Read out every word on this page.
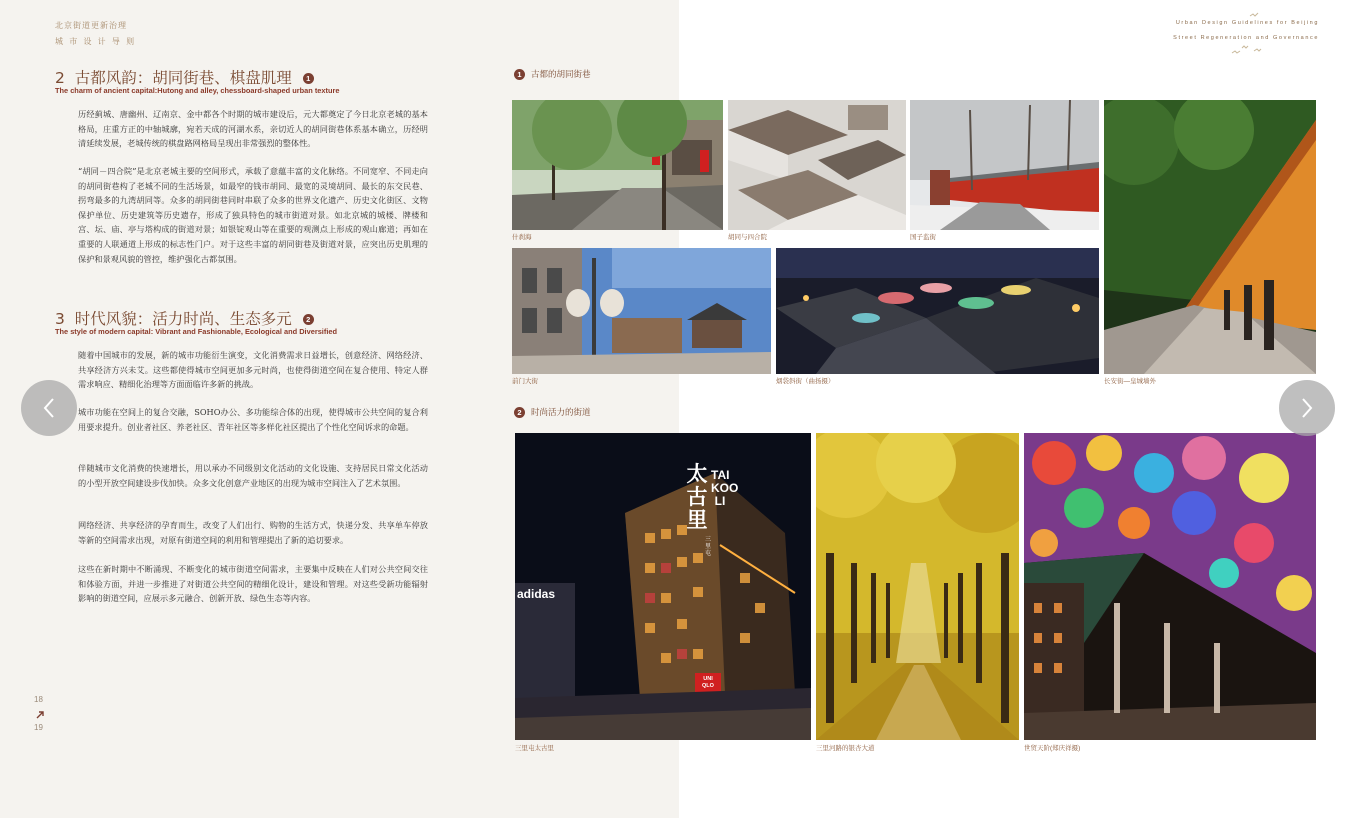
北京街道更新治理
城 市 设 计 导 则
Urban Design Guidelines for Beijing
Street Regeneration and Governance
2 古都风韵：胡同街巷、棋盘肌理 1
The charm of ancient capital:Hutong and alley, chessboard-shaped urban texture

历经蓟城、唐幽州、辽南京、金中都各个时期的城市建设后，元大都奠定了今日北京老城的基本格局，庄重方正的中轴城廓，宛若天成的河湖水系，亲切近人的胡同街巷体系基本确立，历经明清延续发展，老城传统的棋盘路网格局呈现出非常强烈的整体性。

“胡同－四合院”是北京老城主要的空间形式，承载了意蕴丰富的文化脉络。不同宽窄、不同走向的胡同街巷构了老城不同的生活场景，如最窄的钱市胡同、最宽的灵境胡同、最长的东交民巷、拐弯最多的九湾胡同等。众多的胡同街巷同时串联了众多的世界文化遗产、历史文化街区、文物保护单位、历史建筑等历史遗存，形成了独具特色的城市街道对景。如北京城的城楼、牌楼和宫、坛、庙、亭与塔构成的街道对景；如银锭观山等在重要的观测点上形成的观山廊道；再如在重要的人联通道上形成的标志性门户。对于这些丰富的胡同街巷及街道对景，应突出历史肌理的保护和景观风貌的管控，维护强化古都氛围。

3 时代风貌：活力时尚、生态多元 2
The style of modern capital: Vibrant and Fashionable, Ecological and Diversified

随着中国城市的发展，新的城市功能衍生演变，文化消费需求日益增长，创意经济、网络经济、共享经济方兴未艾。这些都使得城市空间更加多元时尚，也使得街道空间在复合使用、特定人群需求响应、精细化治理等方面面临许多新的挑战。

城市功能在空间上的复合交融，SOHO办公、多功能综合体的出现，使得城市公共空间的复合利用要求提升。创业者社区、养老社区、青年社区等多样化社区提出了个性化空间诉求的命题。

伴随城市文化消费的快速增长，用以承办不同级别文化活动的文化设施、支持居民日常文化活动的小型开放空间建设步伐加快。众多文化创意产业地区的出现为城市空间注入了艺术氛围。

网络经济、共享经济的孕育而生，改变了人们出行、购物的生活方式，快递分发、共享单车停放等新的空间需求出现，对原有街道空间的利用和管理提出了新的追切要求。

这些在新时期中不断涌现、不断变化的城市街道空间需求，主要集中反映在人们对公共空间交往和体验方面，并进一步推进了对街道公共空间的精细化设计，建设和管理。对这些受新功能辐射影响的街道空间，应展示多元融合、创新开放、绿色生态等内容。

18
19
1 古都的胡同街巷
什刹海	胡同与四合院	国子监街
长安街—皇城墙外
前门大街	烟袋斜街（曲扬摄）
2 时尚活力的街道
太古里
TAI KOO LI
三里屯
adidas
UNI QLO
三里屯太古里	三里河路的银杏大道	世贸天阶(郑庆祥摄)
